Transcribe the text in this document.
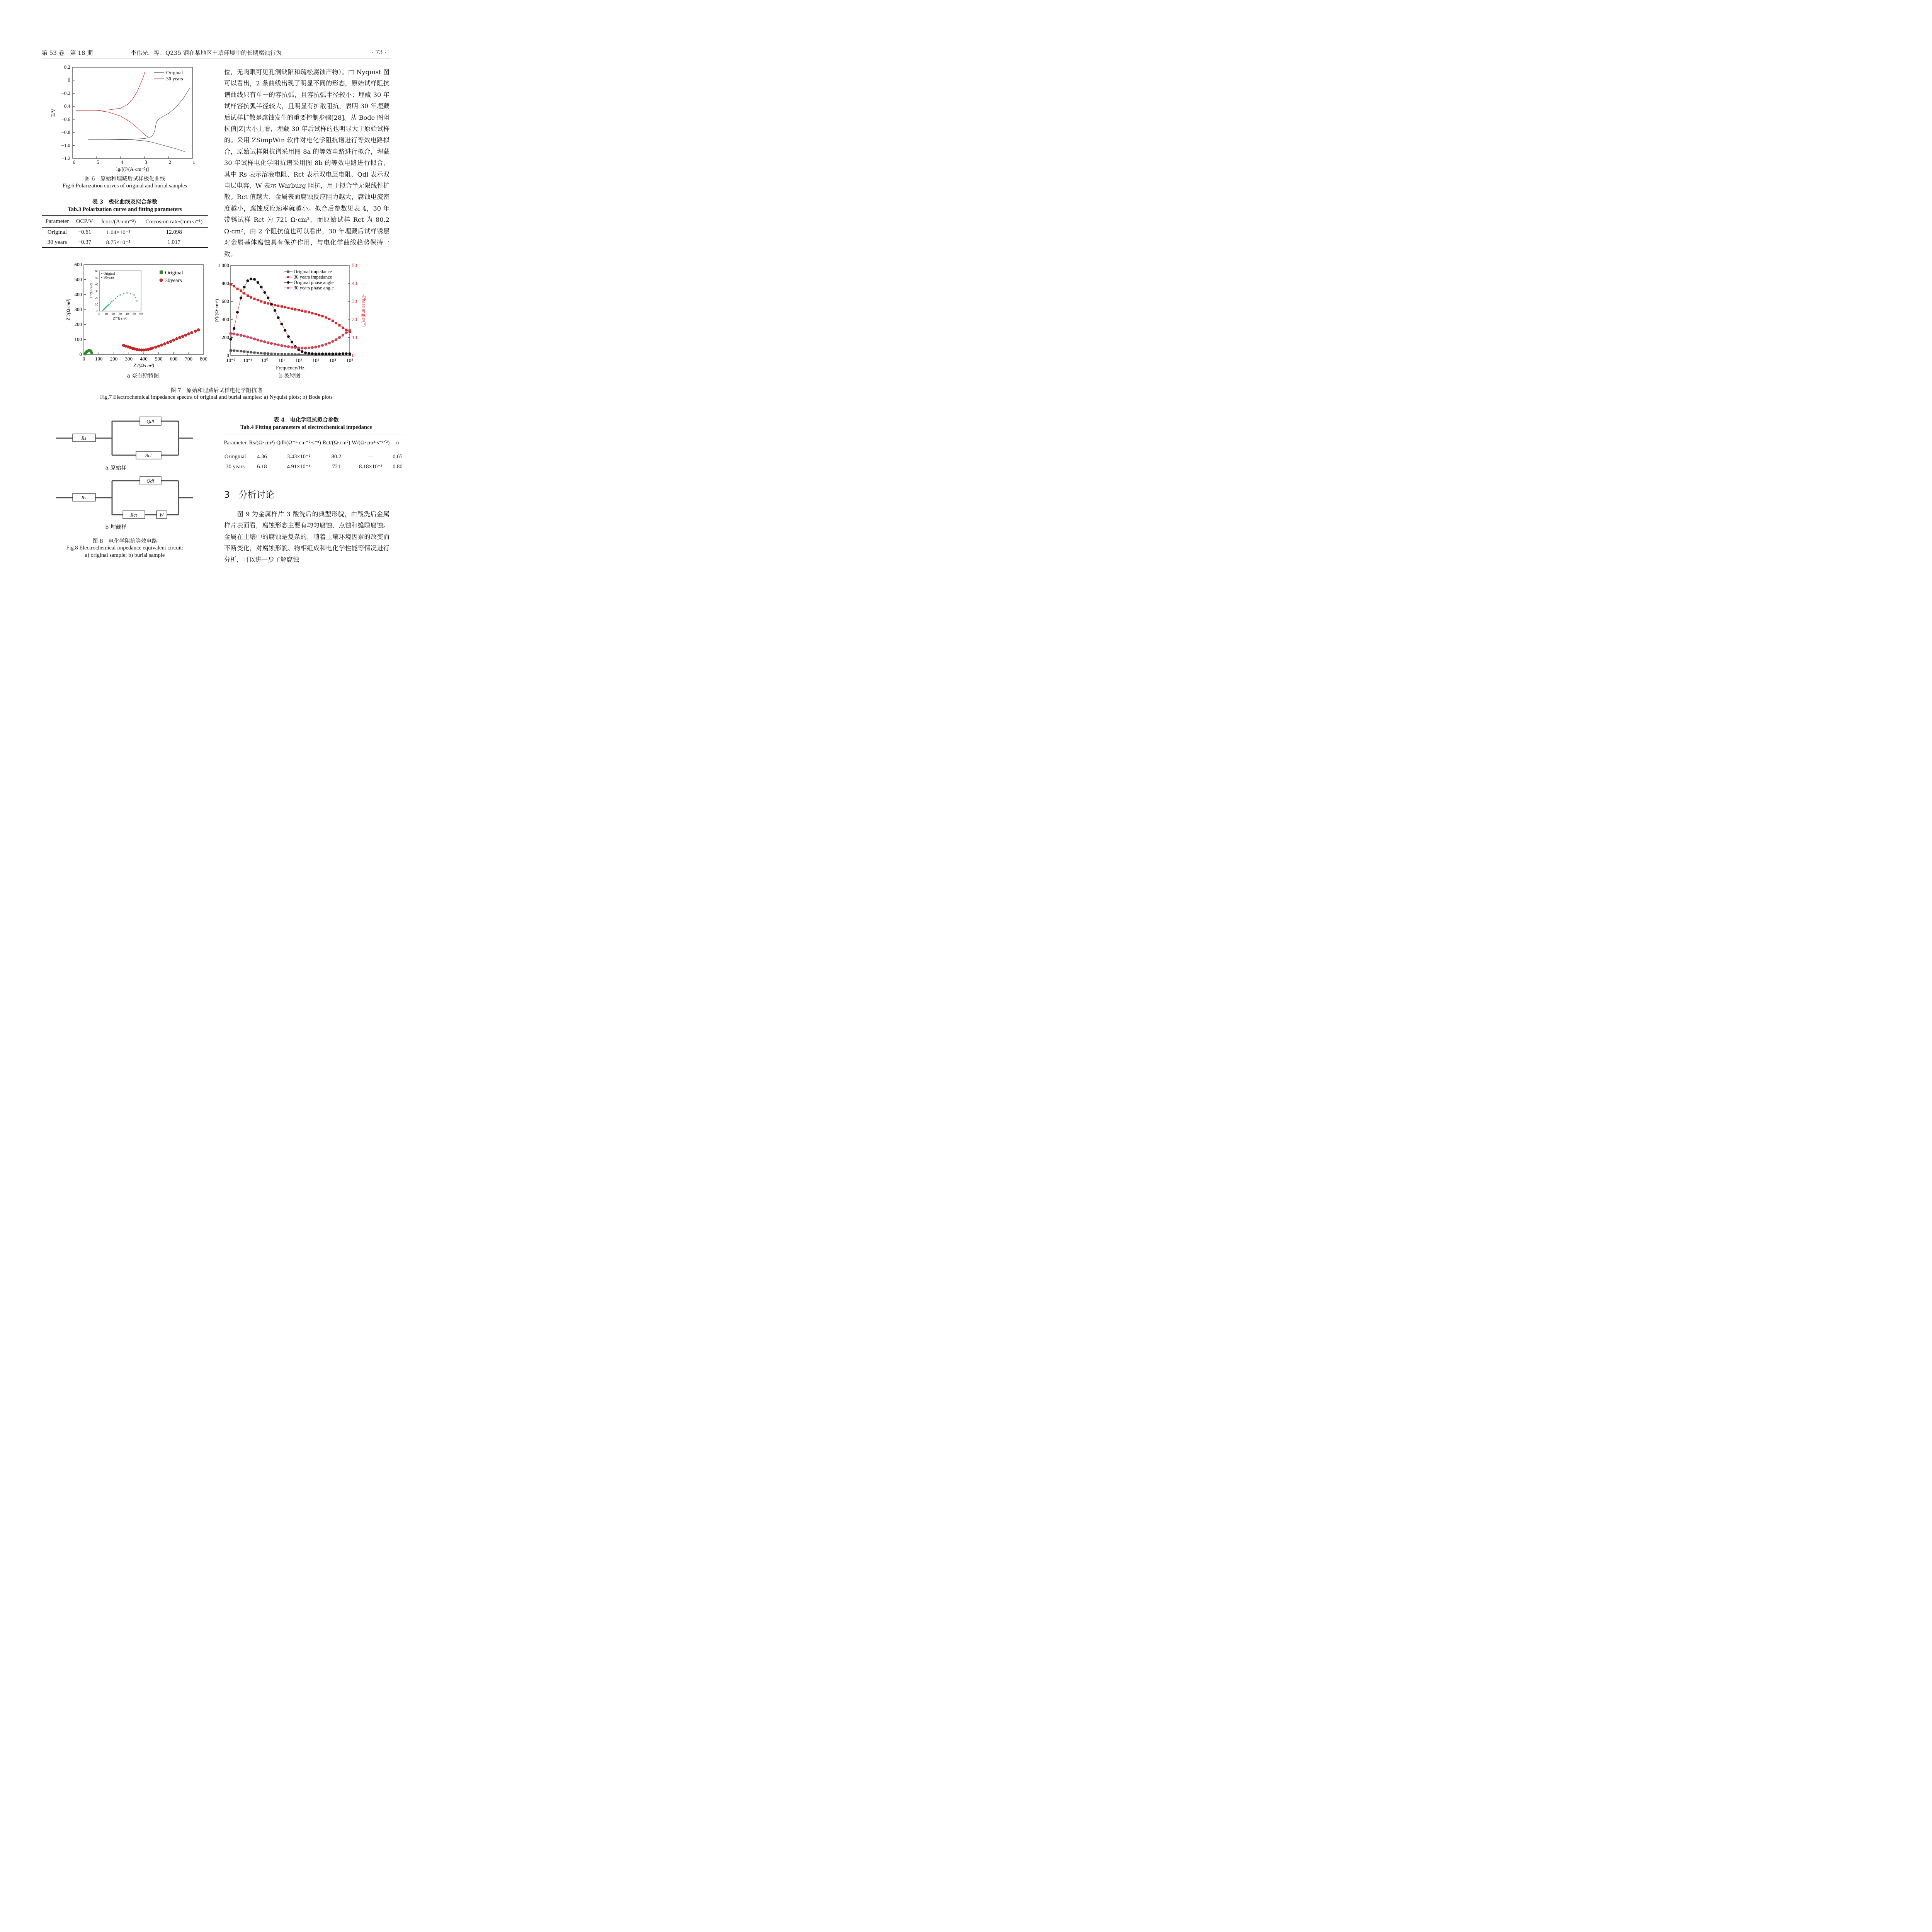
第 53 卷　第 18 期	李伟光，等：Q235 钢在某地区土壤环境中的长期腐蚀行为	· 73 ·

位，无肉眼可见孔洞缺陷和疏松腐蚀产物）。由 Nyquist 图可以看出，2 条曲线出现了明显不同的形态，原始试样阻抗谱曲线只有单一的容抗弧，且容抗弧半径较小；埋藏 30 年试样容抗弧半径较大，且明显有扩散阻抗，表明 30 年埋藏后试样扩散是腐蚀发生的重要控制步骤[28]。从 Bode 图阻抗值|Z|大小上看，埋藏 30 年后试样的也明显大于原始试样的。采用 ZSimpWin 软件对电化学阻抗谱进行等效电路拟合，原始试样阻抗谱采用图 8a 的等效电路进行拟合，埋藏 30 年试样电化学阻抗谱采用图 8b 的等效电路进行拟合，其中 Rs 表示溶液电阻、Rct 表示双电层电阻、Qdl 表示双电层电容、W 表示 Warburg 阻抗，用于拟合半无限线性扩散。Rct 值越大，金属表面腐蚀反应阻力越大，腐蚀电流密度越小，腐蚀反应速率就越小。拟合后参数见表 4，30 年带锈试样 Rct 为 721 Ω·cm²，而原始试样 Rct 为 80.2 Ω·cm²，由 2 个阻抗值也可以看出，30 年埋藏后试样锈层对金属基体腐蚀具有保护作用，与电化学曲线趋势保持一致。

−6	−5	−4	−3	−2	−1
0.2
0
−0.2
−0.4
−0.6
−0.8
−1.0
−1.2
lg/[(J/(A·cm⁻²)]
E/V
Original
30 years
图 6　原始和埋藏后试样极化曲线
Fig.6 Polarization curves of original and burial samples
表 3　极化曲线及拟合参数
Tab.3 Polarization curve and fitting parameters
Parameter	OCP/V	Jcorr/(A·cm⁻²)	Corrosion rate/(mm·a⁻¹)
Original	−0.61	1.04×10⁻³	12.098
30 years	−0.37	8.75×10⁻⁵	1.017
0 100 200 300 400 500 600 700 800
0
100
200
300
400
500
600
Z'/(Ω·cm²)
Z''/(Ω·cm²)
Original
30years
0 10 20 30 40 50 60
0
10
20
30
40
50
60
Z'/(Ω·cm²)
Z''/(Ω·cm²)
Original
30years
a 奈奎斯特图
10⁻² 10⁻¹ 10⁰ 10¹ 10² 10³ 10⁴ 10⁵
0
200
400
600
800
1 000
0
10
20
30
40
50
Frequency/Hz
|Z|/(Ω·cm²)	-Phase angle/(°)
Original impedance
30 years impedance
Original phase angle
30 years phase angle
b 波特图
图 7　原始和埋藏后试样电化学阻抗谱
Fig.7 Electrochemical impedance spectra of original and burial samples: a) Nyquist plots; b) Bode plots
Rs
Qdl
Rct
Rs
Qdl
Rct	W
a 原始样
b 埋藏样
图 8　电化学阻抗等效电路
Fig.8 Electrochemical impedance equivalent circuit:
a) original sample; b) burial sample
表 4　电化学阻抗拟合参数
Tab.4 Fitting parameters of electrochemical impedance
Parameter	Rs/(Ω·cm²)	Qdl/(Ω⁻¹·cm⁻²·s⁻ⁿ)	Rct/(Ω·cm²)	W/(Ω·cm²·s⁻¹ᐟ²)	n
Oringnial	4.36	3.43×10⁻²	80.2	—	0.65
30 years	6.18	4.91×10⁻⁴	721	8.18×10⁻³	0.80
3　分析讨论

　　图 9 为金属样片 3 酸洗后的典型形貌，由酸洗后金属样片表面看，腐蚀形态主要有均匀腐蚀、点蚀和缝隙腐蚀。金属在土壤中的腐蚀是复杂的，随着土壤环境因素的改变而不断变化，对腐蚀形貌、物相组成和电化学性能等情况进行分析，可以进一步了解腐蚀
